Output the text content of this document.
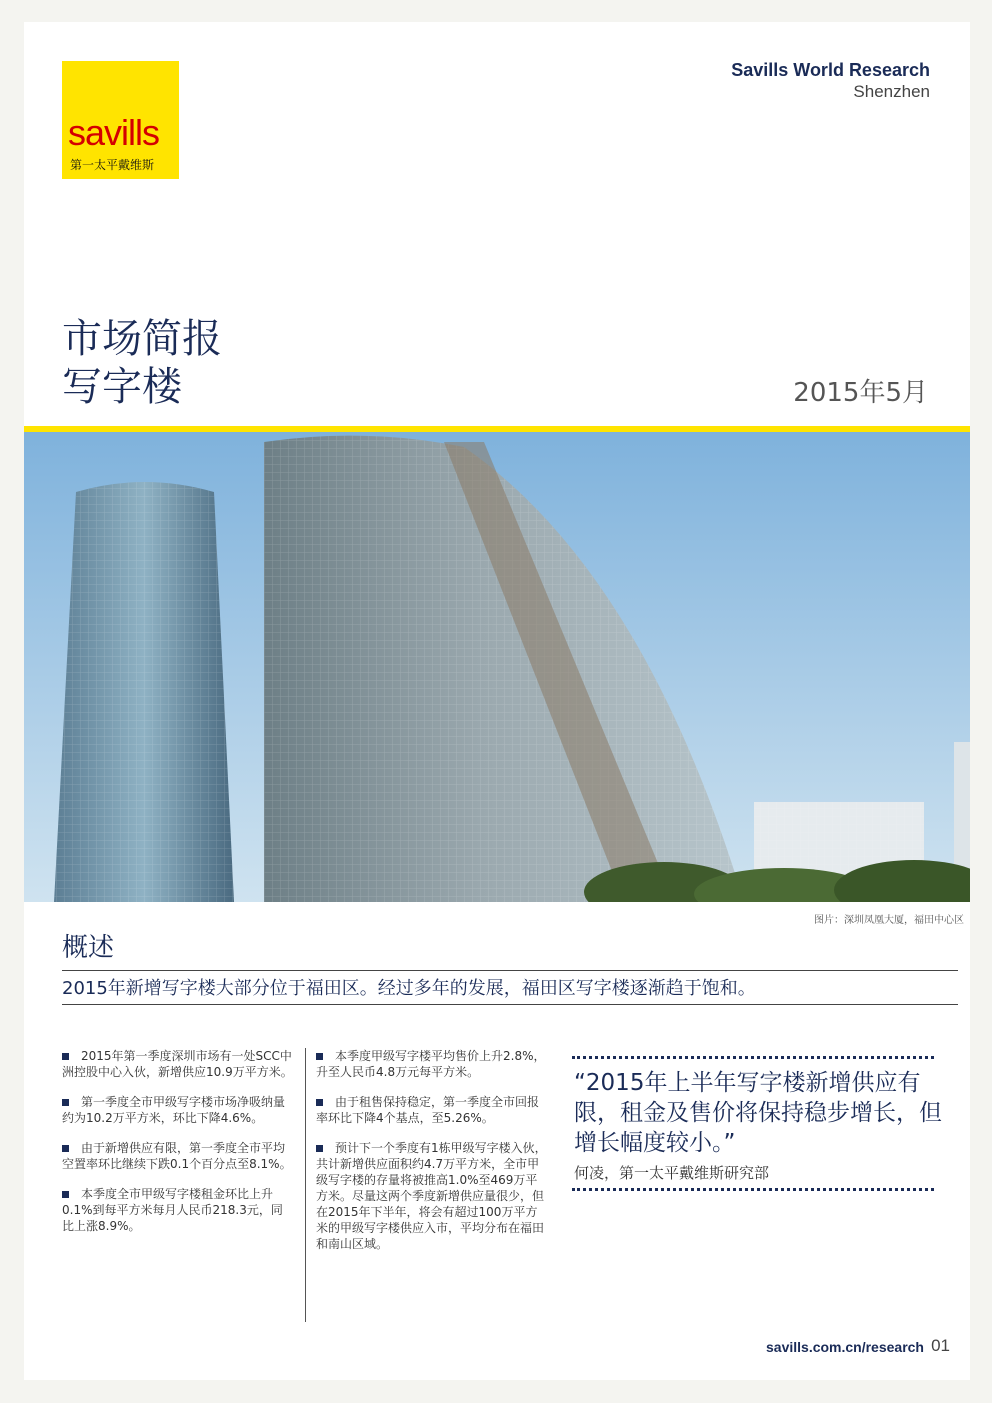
savills
第一太平戴维斯
Savills World Research
Shenzhen
市场简报
写字楼	2015年5月
图片：深圳凤凰大厦，福田中心区
概述
2015年新增写字楼大部分位于福田区。经过多年的发展，福田区写字楼逐渐趋于饱和。
2015年第一季度深圳市场有一处SCC中洲控股中心入伙，新增供应10.9万平方米。
第一季度全市甲级写字楼市场净吸纳量约为10.2万平方米，环比下降4.6%。
由于新增供应有限，第一季度全市平均空置率环比继续下跌0.1个百分点至8.1%。
本季度全市甲级写字楼租金环比上升0.1%到每平方米每月人民币218.3元，同比上涨8.9%。
本季度甲级写字楼平均售价上升2.8%，升至人民币4.8万元每平方米。
由于租售保持稳定，第一季度全市回报率环比下降4个基点，至5.26%。
预计下一个季度有1栋甲级写字楼入伙，共计新增供应面积约4.7万平方米，全市甲级写字楼的存量将被推高1.0%至469万平方米。尽量这两个季度新增供应量很少，但在2015年下半年，将会有超过100万平方米的甲级写字楼供应入市，平均分布在福田和南山区域。
“2015年上半年写字楼新增供应有限，租金及售价将保持稳步增长，但增长幅度较小。”
何凌，第一太平戴维斯研究部
savills.com.cn/research 01
